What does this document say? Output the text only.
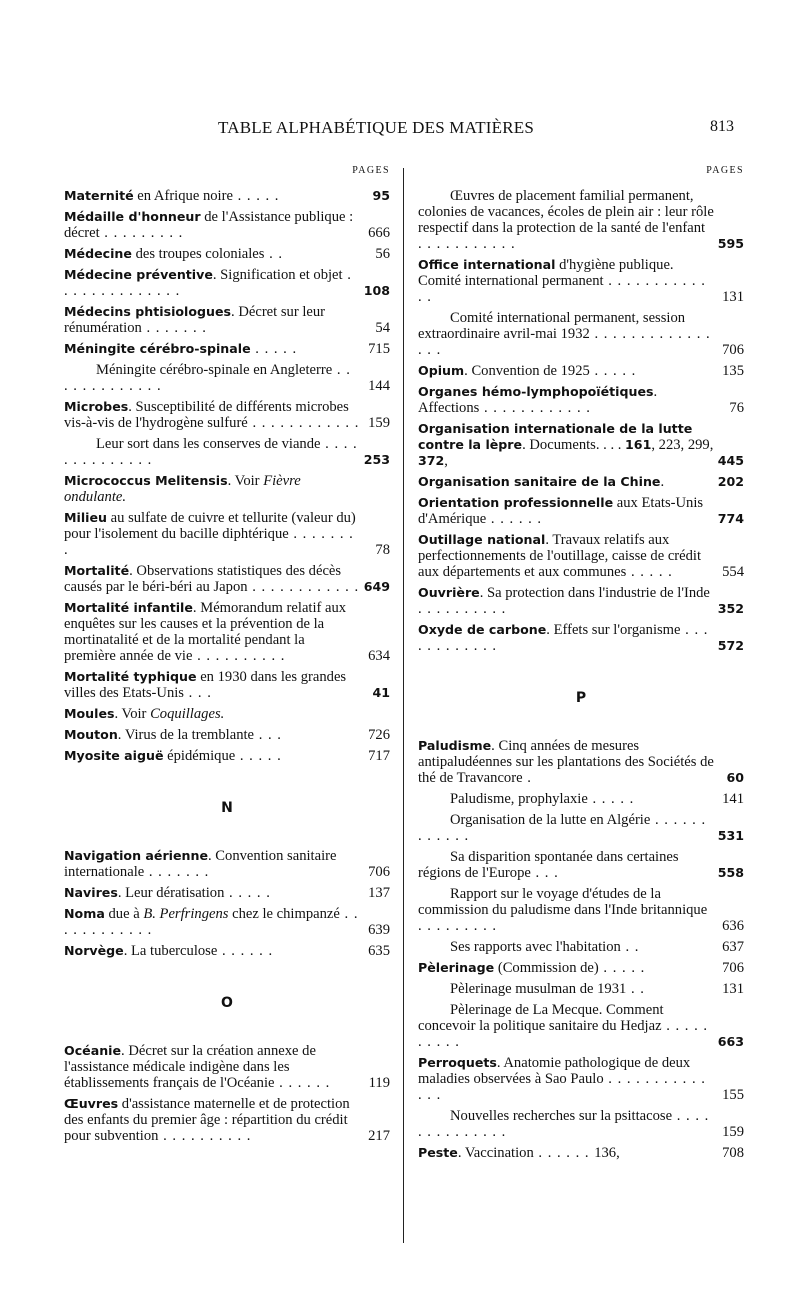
TABLE ALPHABÉTIQUE DES MATIÈRES	813
PAGES
Maternité en Afrique noire . . . . .	95
Médaille d'honneur de l'Assistance publique : décret . . . . . . . . .	666
Médecine des troupes coloniales . .	56
Médecine préventive. Signification et objet . . . . . . . . . . . . . .	108
Médecins phtisiologues. Décret sur leur rénumération . . . . . . .	54
Méningite cérébro-spinale . . . . .	715
Méningite cérébro-spinale en Angleterre . . . . . . . . . . . . .	144
Microbes. Susceptibilité de différents microbes vis-à-vis de l'hydrogène sulfuré . . . . . . . . . . . . 159
Leur sort dans les conserves de viande . . . . . . . . . . . . . .	253
Micrococcus Melitensis. Voir Fièvre ondulante.
Milieu au sulfate de cuivre et tellurite (valeur du) pour l'isolement du bacille diphtérique . . . . . . . .	78
Mortalité. Observations statistiques des décès causés par le béri-béri au Japon . . . . . . . . . . . . 649
Mortalité infantile. Mémorandum relatif aux enquêtes sur les causes et la prévention de la mortinatalité et de la mortalité pendant la première année de vie . . . . . . . . . .	634
Mortalité typhique en 1930 dans les grandes villes des Etats-Unis . . .	41
Moules. Voir Coquillages.
Mouton. Virus de la tremblante . . .	726
Myosite aiguë épidémique . . . . .	717
N
Navigation aérienne. Convention sanitaire internationale . . . . . . .	706
Navires. Leur dératisation . . . . .	137
Noma due à B. Perfringens chez le chimpanzé . . . . . . . . . . . .	639
Norvège. La tuberculose . . . . . .	635
O
Océanie. Décret sur la création annexe de l'assistance médicale indigène dans les établissements français de l'Océanie . . . . . .	119
Œuvres d'assistance maternelle et de protection des enfants du premier âge : répartition du crédit pour subvention . . . . . . . . . .	217
PAGES
Œuvres de placement familial permanent, colonies de vacances, écoles de plein air : leur rôle respectif dans la protection de la santé de l'enfant . . . . . . . . . . .	595
Office international d'hygiène publique. Comité international permanent . . . . . . . . . . . . .	131
Comité international permanent, session extraordinaire avril-mai 1932 . . . . . . . . . . . . . . . .	706
Opium. Convention de 1925 . . . . .	135
Organes hémo-lymphopoïétiques. Affections . . . . . . . . . . . .	76
Organisation internationale de la lutte contre la lèpre. Documents. . . . 161, 223, 299, 372,	445
Organisation sanitaire de la Chine.	202
Orientation professionnelle aux Etats-Unis d'Amérique . . . . . .	774
Outillage national. Travaux relatifs aux perfectionnements de l'outillage, caisse de crédit aux départements et aux communes . . . . .	554
Ouvrière. Sa protection dans l'industrie de l'Inde . . . . . . . . . .	352
Oxyde de carbone. Effets sur l'organisme . . . . . . . . . . . .	572
P
Paludisme. Cinq années de mesures antipaludéennes sur les plantations des Sociétés de thé de Travancore .	60
Paludisme, prophylaxie . . . . .	141
Organisation de la lutte en Algérie . . . . . . . . . . . .	531
Sa disparition spontanée dans certaines régions de l'Europe . . .	558
Rapport sur le voyage d'études de la commission du paludisme dans l'Inde britannique . . . . . . . . .	636
Ses rapports avec l'habitation . .	637
Pèlerinage (Commission de) . . . . .	706
Pèlerinage musulman de 1931 . .	131
Pèlerinage de La Mecque. Comment concevoir la politique sanitaire du Hedjaz . . . . . . . . . .	663
Perroquets. Anatomie pathologique de deux maladies observées à Sao Paulo . . . . . . . . . . . . . .	155
Nouvelles recherches sur la psittacose . . . . . . . . . . . . . .	159
Peste. Vaccination . . . . . . 136,	708
